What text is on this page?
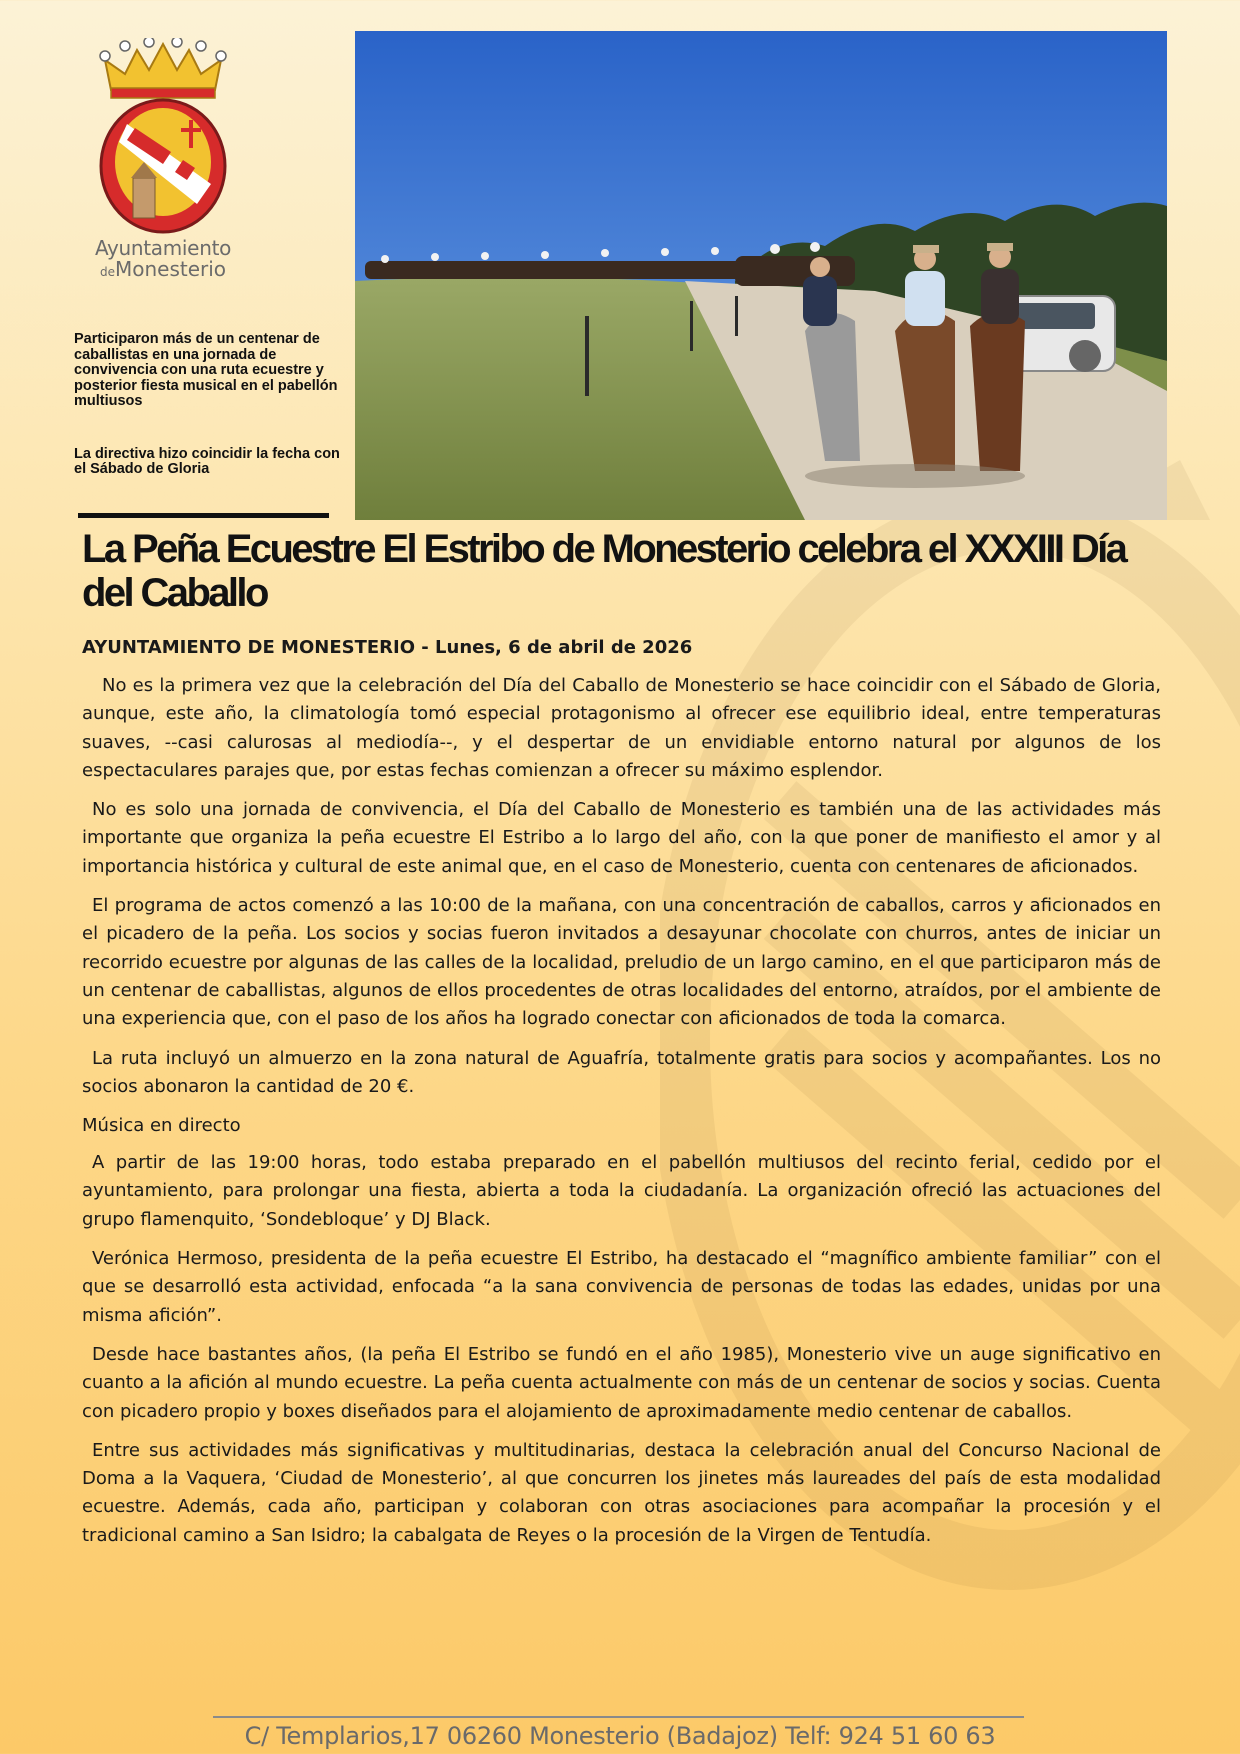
Ayuntamiento
deMonesterio

Participaron más de un centenar de caballistas en una jornada de convivencia con una ruta ecuestre y posterior fiesta musical en el pabellón multiusos

La directiva hizo coincidir la fecha con el Sábado de Gloria

La Peña Ecuestre El Estribo de Monesterio celebra el XXXIII Día del Caballo

AYUNTAMIENTO DE MONESTERIO - Lunes, 6 de abril de 2026

No es la primera vez que la celebración del Día del Caballo de Monesterio se hace coincidir con el Sábado de Gloria, aunque, este año, la climatología tomó especial protagonismo al ofrecer ese equilibrio ideal, entre temperaturas suaves, --casi calurosas al mediodía--, y el despertar de un envidiable entorno natural por algunos de los espectaculares parajes que, por estas fechas comienzan a ofrecer su máximo esplendor.

No es solo una jornada de convivencia, el Día del Caballo de Monesterio es también una de las actividades más importante que organiza la peña ecuestre El Estribo a lo largo del año, con la que poner de manifiesto el amor y al importancia histórica y cultural de este animal que, en el caso de Monesterio, cuenta con centenares de aficionados.

El programa de actos comenzó a las 10:00 de la mañana, con una concentración de caballos, carros y aficionados en el picadero de la peña. Los socios y socias fueron invitados a desayunar chocolate con churros, antes de iniciar un recorrido ecuestre por algunas de las calles de la localidad, preludio de un largo camino, en el que participaron más de un centenar de caballistas, algunos de ellos procedentes de otras localidades del entorno, atraídos, por el ambiente de una experiencia que, con el paso de los años ha logrado conectar con aficionados de toda la comarca.

La ruta incluyó un almuerzo en la zona natural de Aguafría, totalmente gratis para socios y acompañantes. Los no socios abonaron la cantidad de 20 €.

Música en directo

A partir de las 19:00 horas, todo estaba preparado en el pabellón multiusos del recinto ferial, cedido por el ayuntamiento, para prolongar una fiesta, abierta a toda la ciudadanía. La organización ofreció las actuaciones del grupo flamenquito, ‘Sondebloque’ y DJ Black.

Verónica Hermoso, presidenta de la peña ecuestre El Estribo, ha destacado el “magnífico ambiente familiar” con el que se desarrolló esta actividad, enfocada “a la sana convivencia de personas de todas las edades, unidas por una misma afición”.

Desde hace bastantes años, (la peña El Estribo se fundó en el año 1985), Monesterio vive un auge significativo en cuanto a la afición al mundo ecuestre. La peña cuenta actualmente con más de un centenar de socios y socias. Cuenta con picadero propio y boxes diseñados para el alojamiento de aproximadamente medio centenar de caballos.

Entre sus actividades más significativas y multitudinarias, destaca la celebración anual del Concurso Nacional de Doma a la Vaquera, ‘Ciudad de Monesterio’, al que concurren los jinetes más laureades del país de esta modalidad ecuestre. Además, cada año, participan y colaboran con otras asociaciones para acompañar la procesión y el tradicional camino a San Isidro; la cabalgata de Reyes o la procesión de la Virgen de Tentudía.

C/ Templarios,17 06260 Monesterio (Badajoz) Telf: 924 51 60 63
